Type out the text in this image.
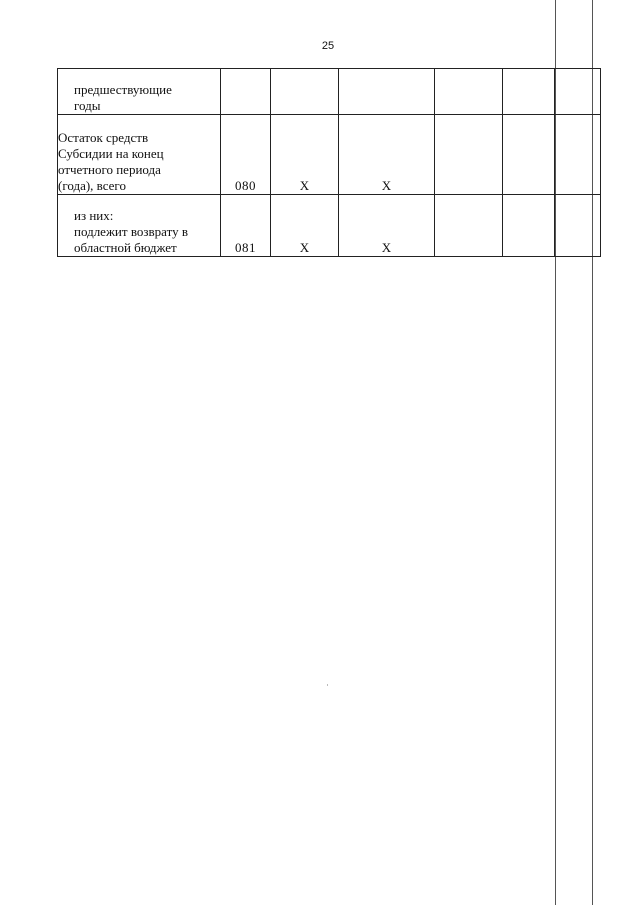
25
предшествующие
годы						

Остаток средств
Субсидии на конец
отчетного периода
(года), всего	080	X	X			

из них:
подлежит возврату в
областной бюджет	081	X	X			
